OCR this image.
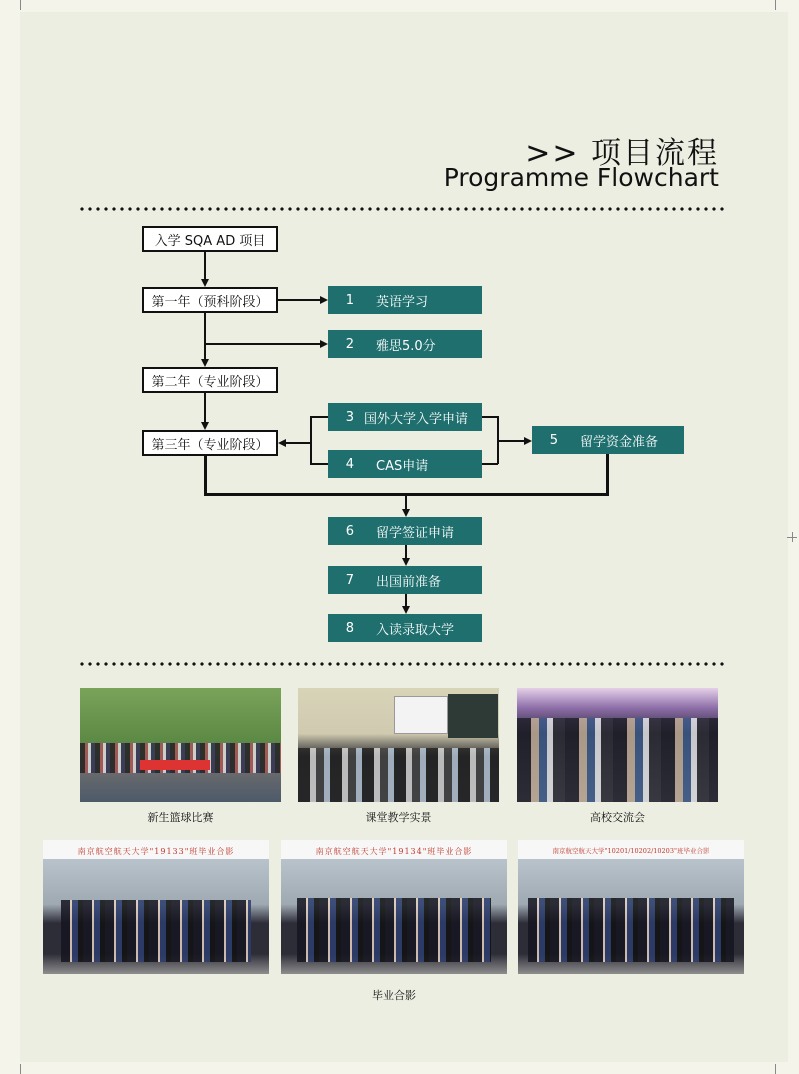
>> 项目流程
Programme Flowchart
入学 SQA AD 项目
第一年（预科阶段）
第二年（专业阶段）
第三年（专业阶段）
1 英语学习
2 雅思5.0分
3 国外大学入学申请
4 CAS申请
5 留学资金准备
6 留学签证申请
7 出国前准备
8 入读录取大学
新生篮球比赛	课堂教学实景	高校交流会
南京航空航天大学"19133"班毕业合影	南京航空航天大学"19134"班毕业合影	南京航空航天大学"10201/10202/10203"班毕业合影
毕业合影
